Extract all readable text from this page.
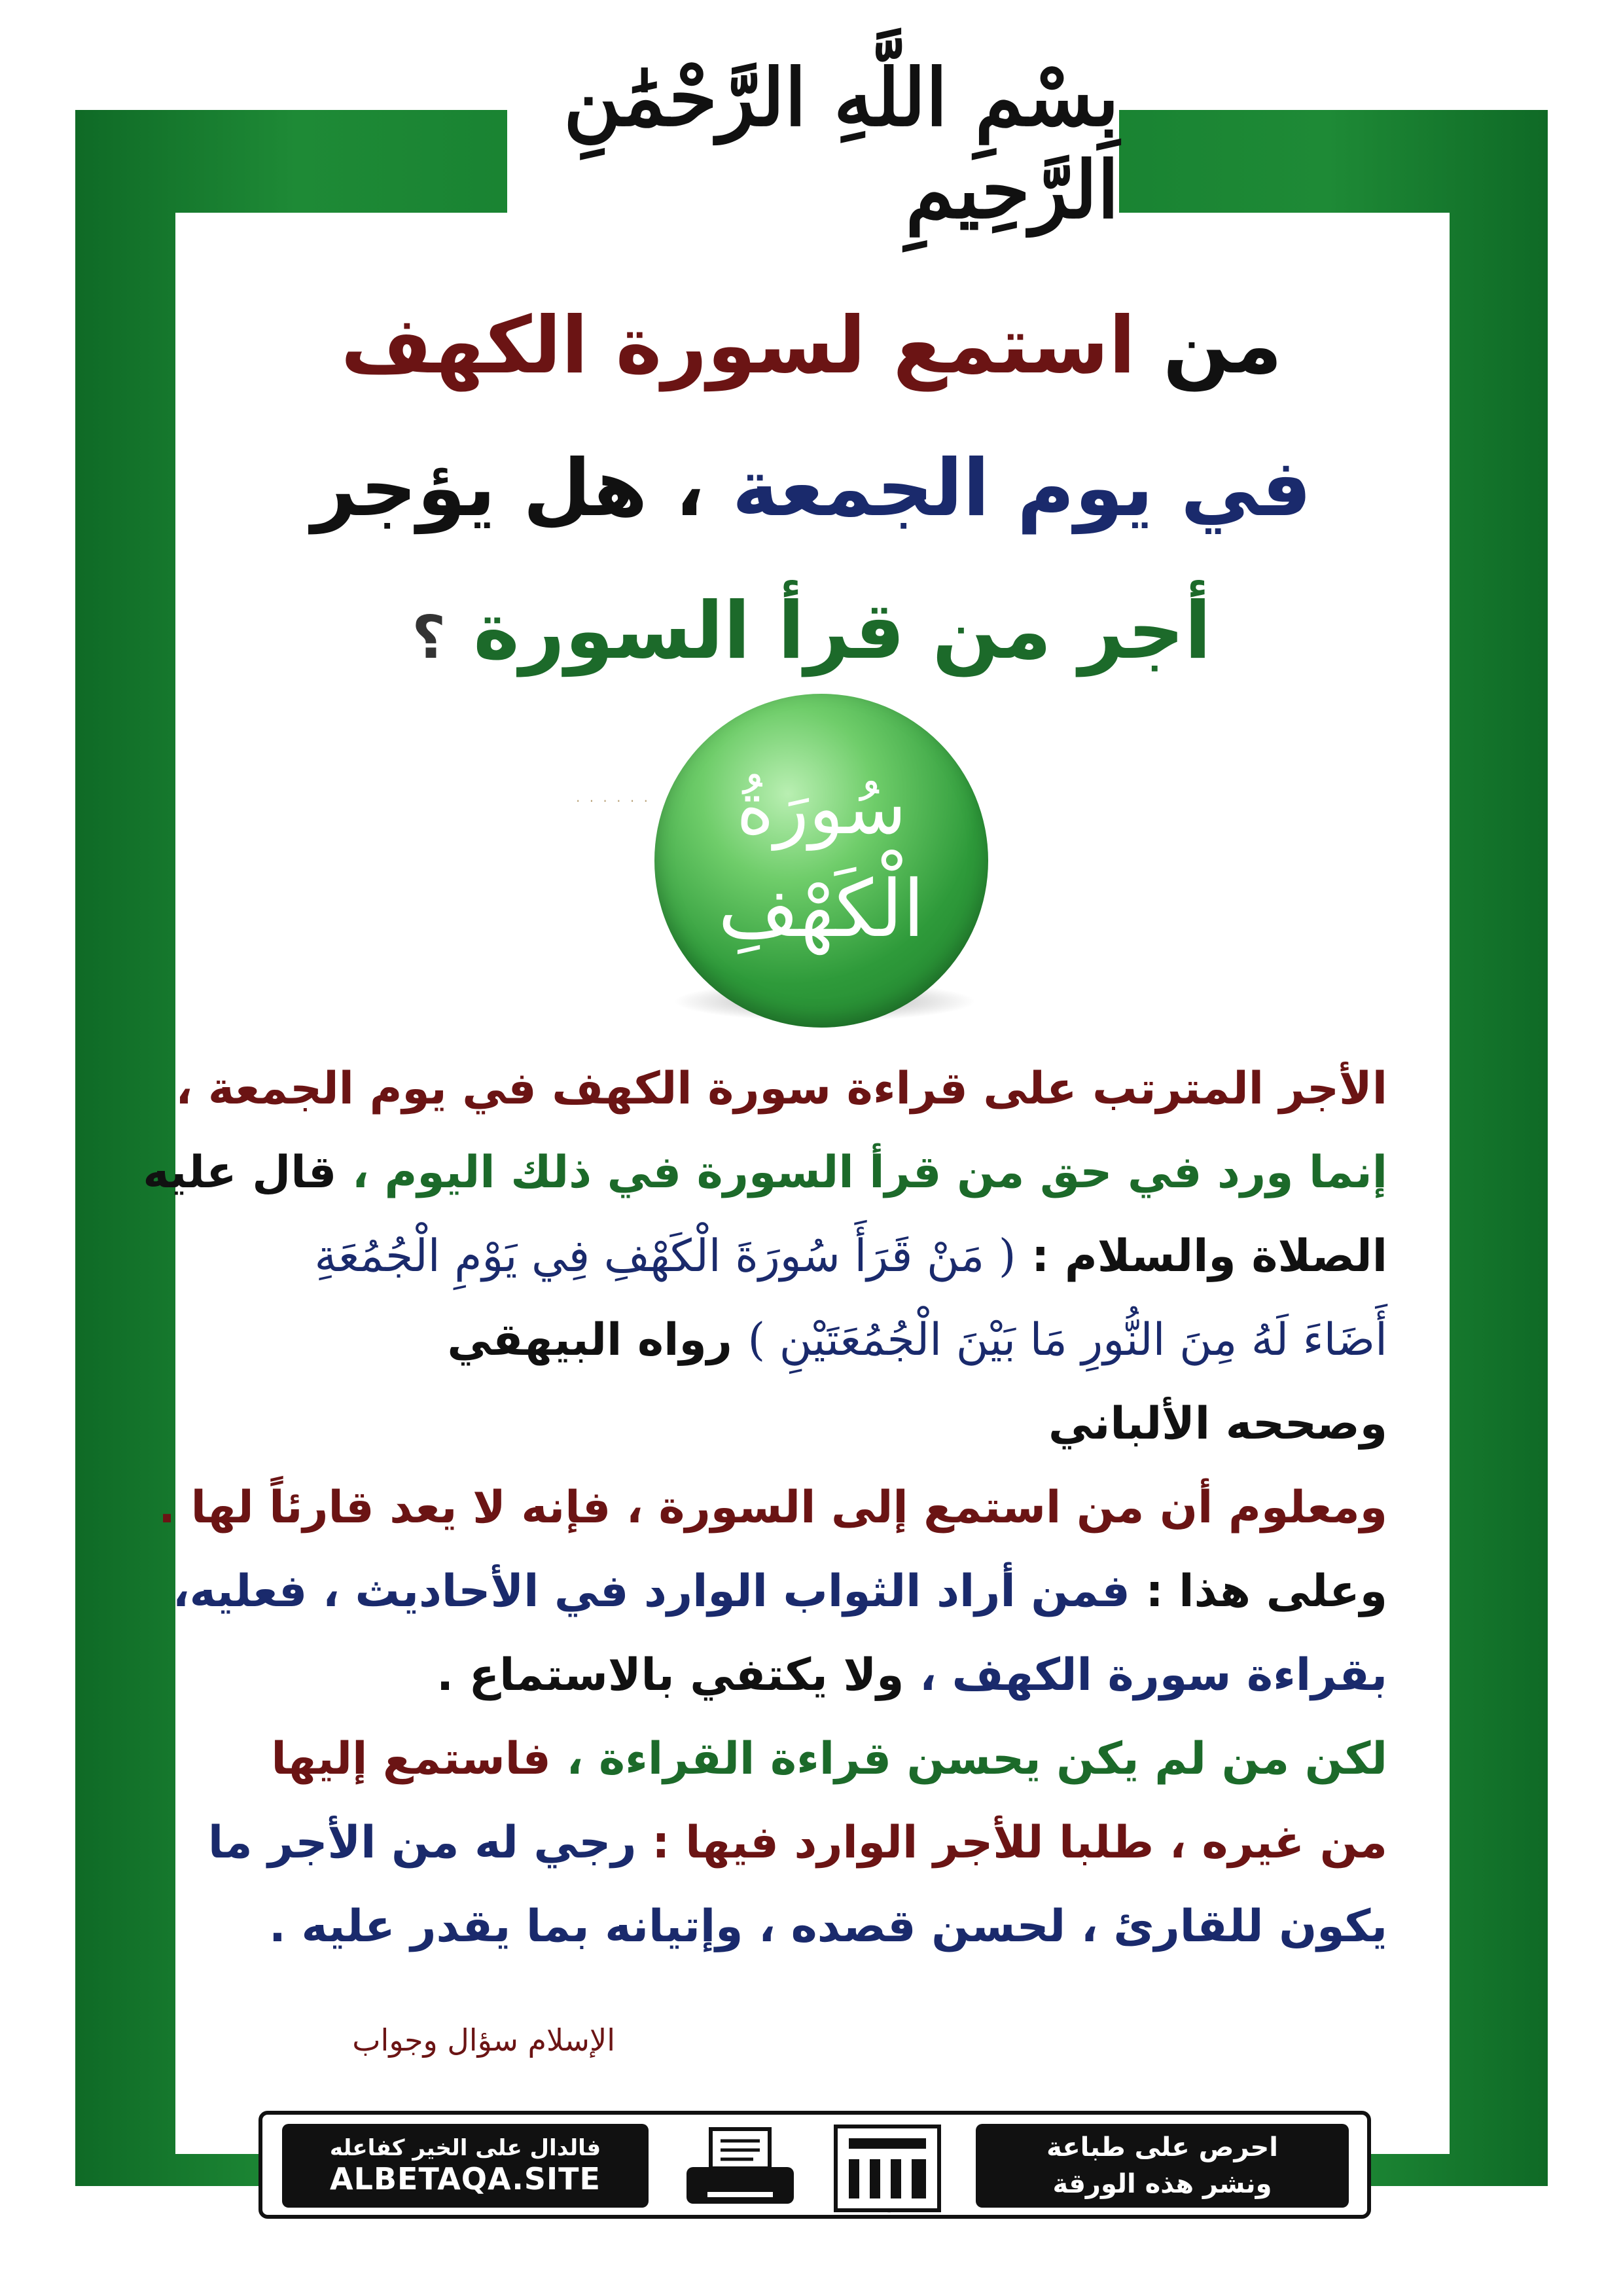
بِسْمِ اللَّهِ الرَّحْمَٰنِ الرَّحِيمِ
من استمع لسورة الكهف
في يوم الجمعة ، هل يؤجر
أجر من قرأ السورة ؟
· · · · · · سُورَةُ
الْكَهْفِ
الأجر المترتب على قراءة سورة الكهف في يوم الجمعة ،
إنما ورد في حق من قرأ السورة في ذلك اليوم ، قال عليه
الصلاة والسلام : ( مَنْ قَرَأَ سُورَةَ الْكَهْفِ فِي يَوْمِ الْجُمُعَةِ
أَضَاءَ لَهُ مِنَ النُّورِ مَا بَيْنَ الْجُمُعَتَيْنِ ) رواه البيهقي
وصححه الألباني
ومعلوم أن من استمع إلى السورة ، فإنه لا يعد قارئاً لها .
وعلى هذا : فمن أراد الثواب الوارد في الأحاديث ، فعليه،
بقراءة سورة الكهف ، ولا يكتفي بالاستماع .
لكن من لم يكن يحسن قراءة القراءة ، فاستمع إليها
من غيره ، طلبا للأجر الوارد فيها : رجي له من الأجر ما
يكون للقارئ ، لحسن قصده ، وإتيانه بما يقدر عليه .
الإسلام سؤال وجواب
فالدال على الخير كفاعله
ALBETAQA.SITE
دعوة الورقة
احرص على طباعة
ونشر هذه الورقة
